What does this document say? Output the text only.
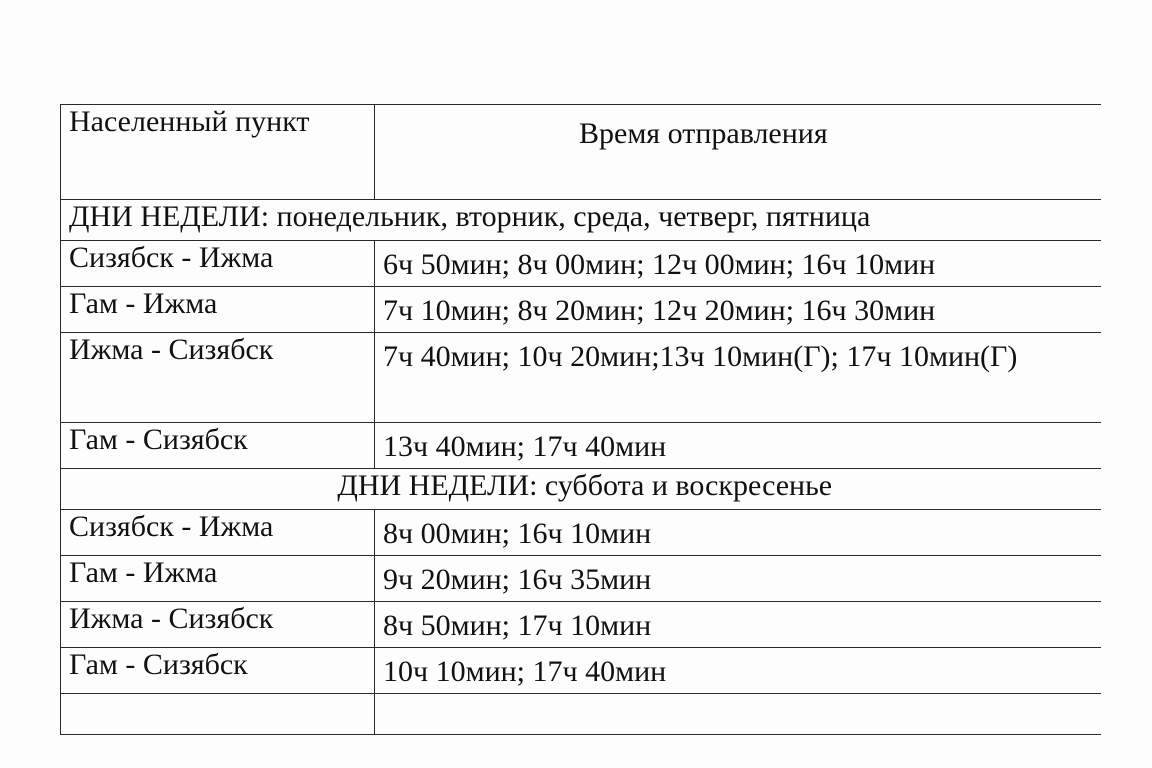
Населенный пункт	Время отправления
ДНИ НЕДЕЛИ: понедельник, вторник, среда, четверг, пятница	
Сизябск - Ижма	6ч 50мин; 8ч 00мин; 12ч 00мин; 16ч 10мин
Гам - Ижма	7ч 10мин; 8ч 20мин; 12ч 20мин; 16ч 30мин
Ижма - Сизябск	7ч 40мин; 10ч 20мин;13ч 10мин(Г); 17ч 10мин(Г)
Гам - Сизябск	13ч 40мин; 17ч 40мин
ДНИ НЕДЕЛИ: суббота и воскресенье	
Сизябск - Ижма	8ч 00мин; 16ч 10мин
Гам - Ижма	9ч 20мин; 16ч 35мин
Ижма - Сизябск	8ч 50мин; 17ч 10мин
Гам - Сизябск	10ч 10мин; 17ч 40мин
